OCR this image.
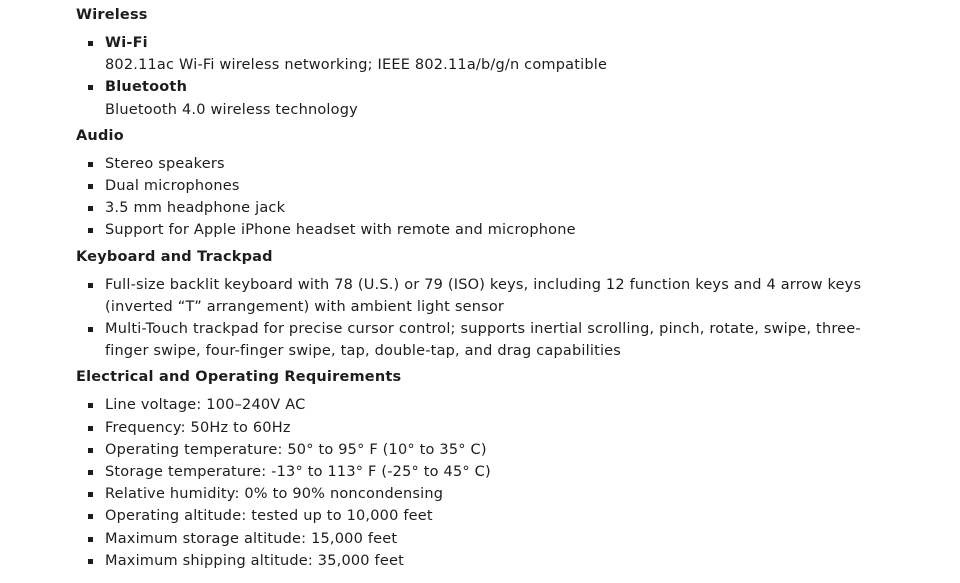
Wireless
Wi-Fi
802.11ac Wi-Fi wireless networking; IEEE 802.11a/b/g/n compatible
Bluetooth
Bluetooth 4.0 wireless technology
Audio
Stereo speakers
Dual microphones
3.5 mm headphone jack
Support for Apple iPhone headset with remote and microphone
Keyboard and Trackpad
Full-size backlit keyboard with 78 (U.S.) or 79 (ISO) keys, including 12 function keys and 4 arrow keys (inverted “T” arrangement) with ambient light sensor
Multi-Touch trackpad for precise cursor control; supports inertial scrolling, pinch, rotate, swipe, three-finger swipe, four-finger swipe, tap, double-tap, and drag capabilities
Electrical and Operating Requirements
Line voltage: 100–240V AC
Frequency: 50Hz to 60Hz
Operating temperature: 50° to 95° F (10° to 35° C)
Storage temperature: -13° to 113° F (-25° to 45° C)
Relative humidity: 0% to 90% noncondensing
Operating altitude: tested up to 10,000 feet
Maximum storage altitude: 15,000 feet
Maximum shipping altitude: 35,000 feet
